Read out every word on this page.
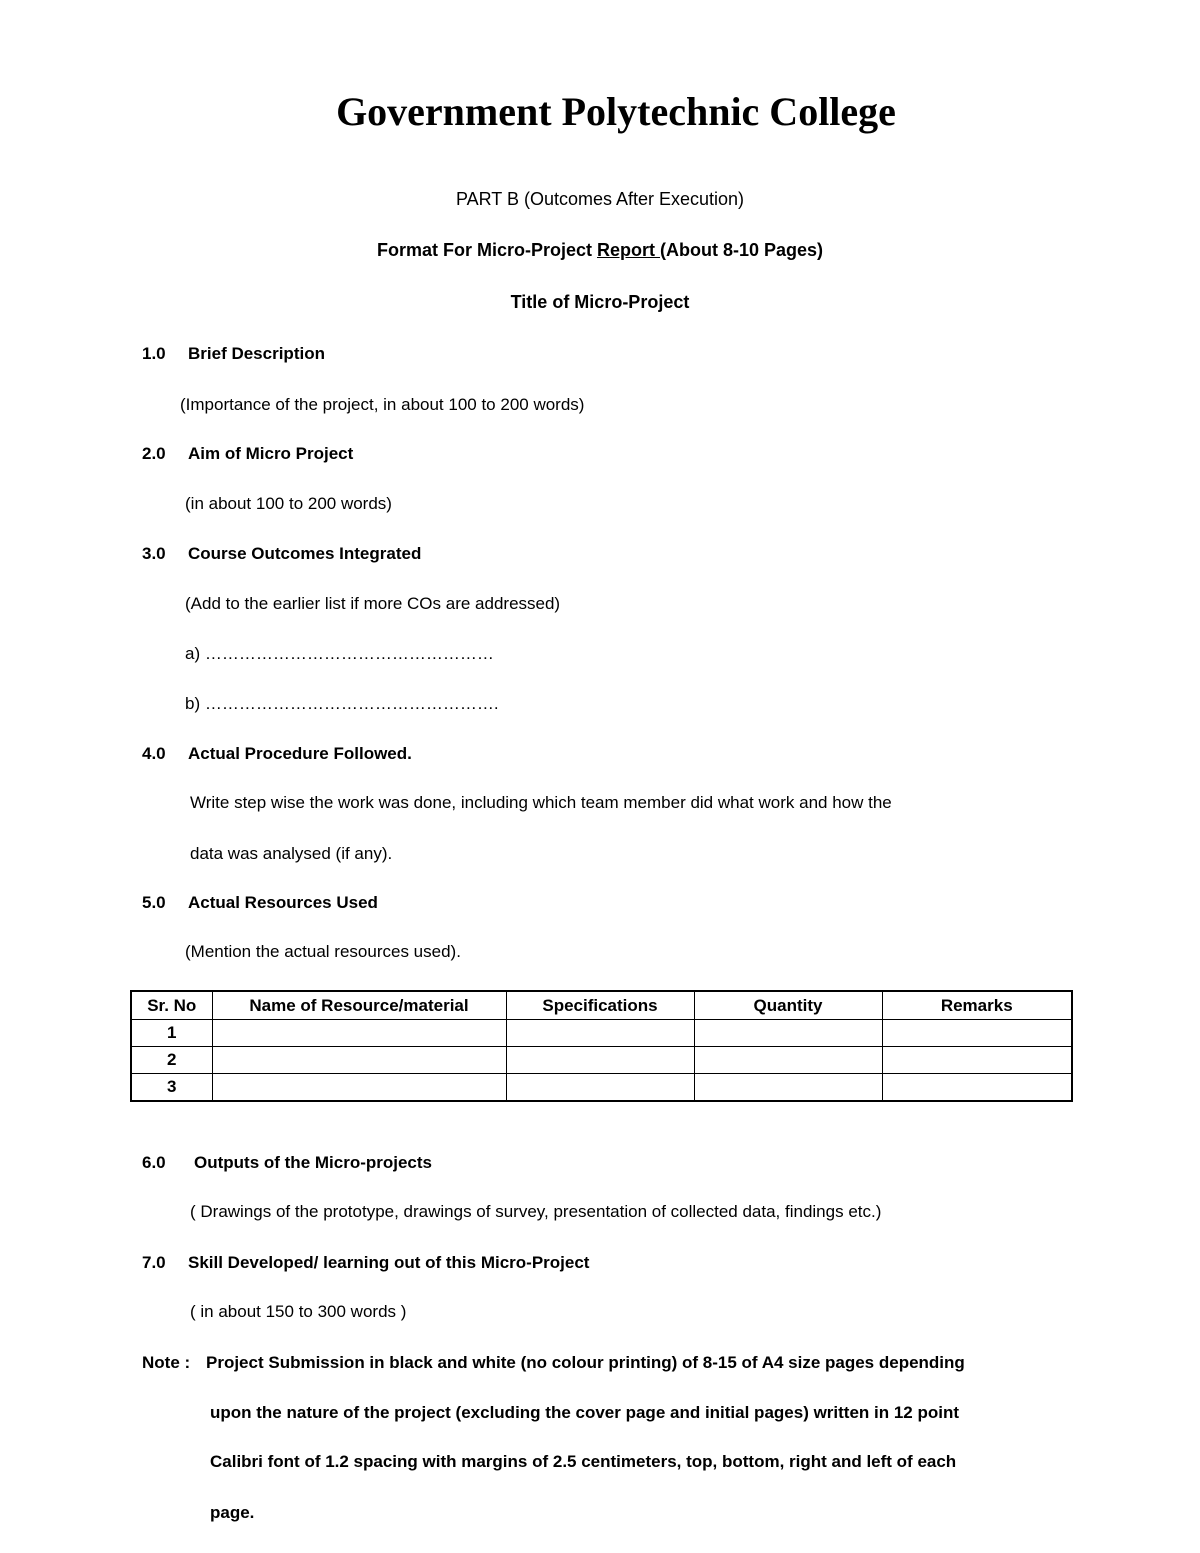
Government Polytechnic College
PART B (Outcomes After Execution)
Format For Micro-Project Report (About 8-10 Pages)
Title of Micro-Project
1.0 Brief Description
(Importance of the project, in about 100 to 200 words)
2.0 Aim of Micro Project
(in about 100 to 200 words)
3.0 Course Outcomes Integrated
(Add to the earlier list if more COs are addressed)
a) ……………………………………………
b) …………………………………………….
4.0 Actual Procedure Followed.
Write step wise the work was done, including which team member did what work and how the
data was analysed (if any).
5.0 Actual Resources Used
(Mention the actual resources used).
Sr. No	Name of Resource/material	Specifications	Quantity	Remarks
1				
2				
3				
6.0 Outputs of the Micro-projects
( Drawings of the prototype, drawings of survey, presentation of collected data, findings etc.)
7.0 Skill Developed/ learning out of this Micro-Project
( in about 150 to 300 words )
Note : Project Submission in black and white (no colour printing) of 8-15 of A4 size pages depending
upon the nature of the project (excluding the cover page and initial pages) written in 12 point
Calibri font of 1.2 spacing with margins of 2.5 centimeters, top, bottom, right and left of each
page.
